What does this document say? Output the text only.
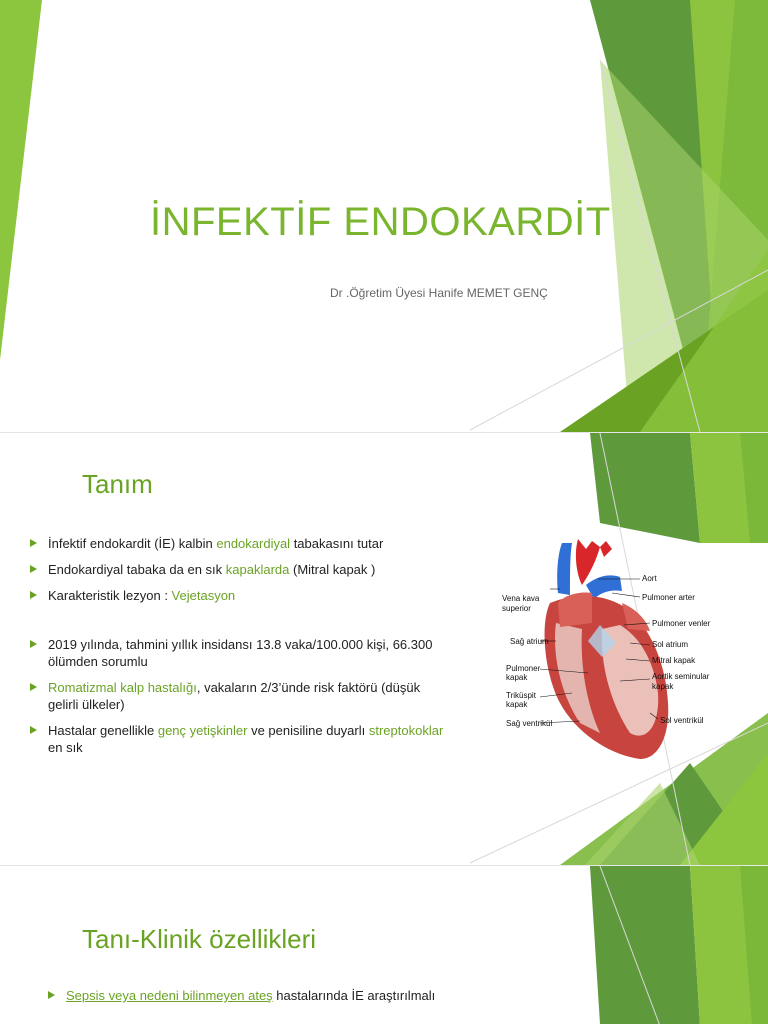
İNFEKTİF ENDOKARDİT
Dr .Öğretim Üyesi Hanife MEMET GENÇ
Tanım
İnfektif endokardit (İE) kalbin endokardiyal tabakasını tutar
Endokardiyal tabaka da en sık kapaklarda (Mitral kapak )
Karakteristik lezyon : Vejetasyon
2019 yılında, tahmini yıllık insidansı 13.8 vaka/100.000 kişi, 66.300 ölümden sorumlu
Romatizmal kalp hastalığı, vakaların 2/3’ünde risk faktörü (düşük gelirli ülkeler)
Hastalar genellikle genç yetişkinler ve penisiline duyarlı streptokoklar en sık
Aort
Pulmoner arter
Vena kava
superior
Pulmoner venler
Sağ atrium	Sol atrium
Mitral kapak
Pulmoner
kapak	Aortik seminular
kapak
Triküspit
kapak
Sağ ventrikül	Sol ventrikül
Tanı-Klinik özellikleri
Sepsis veya nedeni bilinmeyen ateş hastalarında İE araştırılmalı
